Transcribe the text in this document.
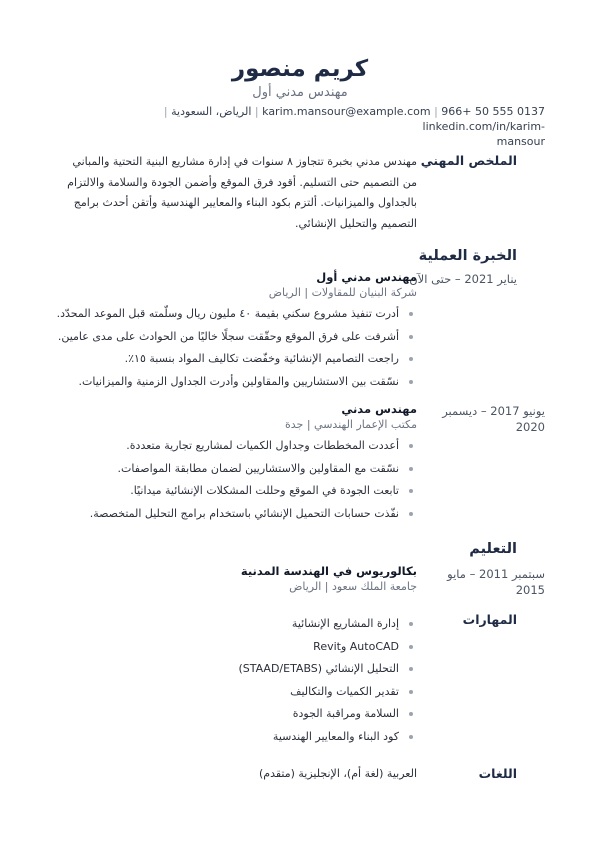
كريم منصور
مهندس مدني أول
966+ 50 555 0137 | karim.mansour@example.com | الرياض، السعودية | linkedin.com/in/karim-
mansour
الملخص المهني
مهندس مدني بخبرة تتجاوز ٨ سنوات في إدارة مشاريع البنية التحتية والمباني من التصميم حتى التسليم. أقود فرق الموقع وأضمن الجودة والسلامة والالتزام بالجداول والميزانيات. ألتزم بكود البناء والمعايير الهندسية وأتقن أحدث برامج التصميم والتحليل الإنشائي.
الخبرة العملية
يناير 2021 – حتى الآن
مهندس مدني أول
شركة البنيان للمقاولات | الرياض
أدرت تنفيذ مشروع سكني بقيمة ٤٠ مليون ريال وسلّمته قبل الموعد المحدّد.
أشرفت على فرق الموقع وحقّقت سجلًا خاليًا من الحوادث على مدى عامين.
راجعت التصاميم الإنشائية وخفّضت تكاليف المواد بنسبة ١٥٪.
نسّقت بين الاستشاريين والمقاولين وأدرت الجداول الزمنية والميزانيات.
يونيو 2017 – ديسمبر
2020
مهندس مدني
مكتب الإعمار الهندسي | جدة
أعددت المخططات وجداول الكميات لمشاريع تجارية متعددة.
نسّقت مع المقاولين والاستشاريين لضمان مطابقة المواصفات.
تابعت الجودة في الموقع وحللت المشكلات الإنشائية ميدانيًا.
نفّذت حسابات التحميل الإنشائي باستخدام برامج التحليل المتخصصة.
التعليم
سبتمبر 2011 – مايو
2015
بكالوريوس في الهندسة المدنية
جامعة الملك سعود | الرياض
المهارات
إدارة المشاريع الإنشائية
AutoCAD وRevit
التحليل الإنشائي (STAAD/ETABS)
تقدير الكميات والتكاليف
السلامة ومراقبة الجودة
كود البناء والمعايير الهندسية
اللغات
العربية (لغة أم)، الإنجليزية (متقدم)
